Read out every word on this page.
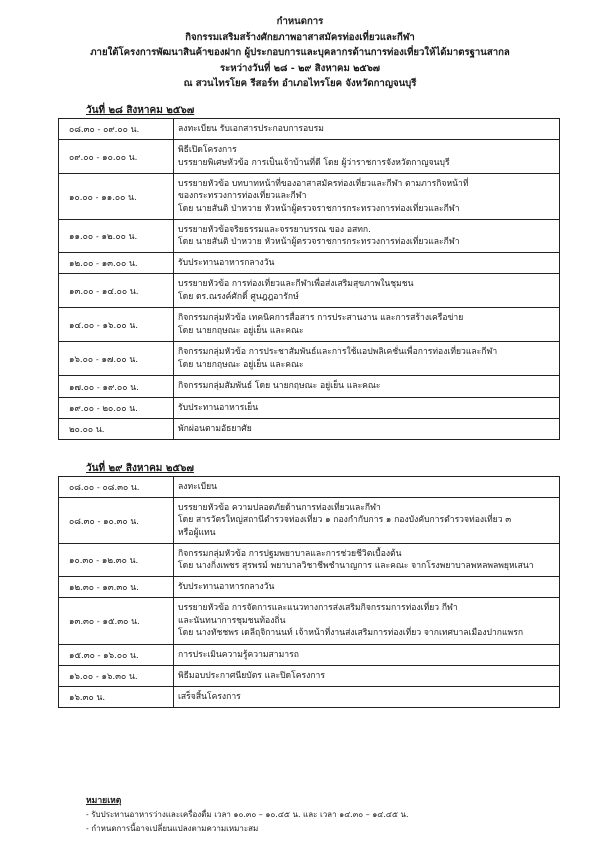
กำหนดการ
กิจกรรมเสริมสร้างศักยภาพอาสาสมัครท่องเที่ยวและกีฬา
ภายใต้โครงการพัฒนาสินค้าของฝาก ผู้ประกอบการและบุคลากรด้านการท่องเที่ยวให้ได้มาตรฐานสากล
ระหว่างวันที่ ๒๘ - ๒๙ สิงหาคม ๒๕๖๗
ณ สวนไทรโยค รีสอร์ท อำเภอไทรโยค จังหวัดกาญจนบุรี
วันที่ ๒๘ สิงหาคม ๒๕๖๗
๐๘.๓๐ - ๐๙.๐๐ น.	ลงทะเบียน รับเอกสารประกอบการอบรม

๐๙.๐๐ - ๑๐.๐๐ น.	พิธีเปิดโครงการ
บรรยายพิเศษหัวข้อ การเป็นเจ้าบ้านที่ดี โดย ผู้ว่าราชการจังหวัดกาญจนบุรี

๑๐.๐๐ - ๑๑.๐๐ น.	บรรยายหัวข้อ บทบาทหน้าที่ของอาสาสมัครท่องเที่ยวและกีฬา ตามภารกิจหน้าที่
ของกระทรวงการท่องเที่ยวและกีฬา
โดย นายสันติ ป่าหวาย หัวหน้าผู้ตรวจราชการกระทรวงการท่องเที่ยวและกีฬา

๑๑.๐๐ - ๑๒.๐๐ น.	บรรยายหัวข้อจริยธรรมและจรรยาบรรณ ของ อสทก.
โดย นายสันติ ป่าหวาย หัวหน้าผู้ตรวจราชการกระทรวงการท่องเที่ยวและกีฬา

๑๒.๐๐ - ๑๓.๐๐ น.	รับประทานอาหารกลางวัน

๑๓.๐๐ - ๑๔.๐๐ น.	บรรยายหัวข้อ การท่องเที่ยวและกีฬาเพื่อส่งเสริมสุขภาพในชุมชน
โดย ดร.ณรงค์ศักดิ์ ศูนฎฎอารักษ์

๑๔.๐๐ - ๑๖.๐๐ น.	กิจกรรมกลุ่มหัวข้อ เทคนิคการสื่อสาร การประสานงาน และการสร้างเครือข่าย
โดย นายกฤษณะ อยู่เย็น และคณะ

๑๖.๐๐ - ๑๗.๐๐ น.	กิจกรรมกลุ่มหัวข้อ การประชาสัมพันธ์และการใช้แอปพลิเคชั่นเพื่อการท่องเที่ยวและกีฬา
โดย นายกฤษณะ อยู่เย็น และคณะ

๑๗.๐๐ - ๑๙.๐๐ น.	กิจกรรมกลุ่มสัมพันธ์ โดย นายกฤษณะ อยู่เย็น และคณะ

๑๙.๐๐ - ๒๐.๐๐ น.	รับประทานอาหารเย็น

๒๐.๐๐ น.	พักผ่อนตามอัธยาศัย
วันที่ ๒๙ สิงหาคม ๒๕๖๗
๐๘.๐๐ - ๐๘.๓๐ น.	ลงทะเบียน

๐๘.๓๐ - ๑๐.๓๐ น.	บรรยายหัวข้อ ความปลอดภัยด้านการท่องเที่ยวและกีฬา
โดย สารวัตรใหญ่สถานีตำรวจท่องเที่ยว ๑ กองกำกับการ ๑ กองบังคับการตำรวจท่องเที่ยว ๓
หรือผู้แทน

๑๐.๓๐ - ๑๒.๓๐ น.	กิจกรรมกลุ่มหัวข้อ การปฐมพยาบาลและการช่วยชีวิตเบื้องต้น
โดย นางกิ่งเพชร สุรพรม์ พยาบาลวิชาชีพชำนาญการ และคณะ จากโรงพยาบาลพหลพลพยุหเสนา

๑๒.๓๐ - ๑๓.๓๐ น.	รับประทานอาหารกลางวัน

๑๓.๓๐ - ๑๕.๓๐ น.	บรรยายหัวข้อ การจัดการและแนวทางการส่งเสริมกิจกรรมการท่องเที่ยว กีฬา
และนันทนาการชุมชนท้องถิ่น
โดย นางทัชชพร เดลีฤจิกานนท์ เจ้าหน้าที่งานส่งเสริมการท่องเที่ยว จากเทศบาลเมืองปากแพรก

๑๕.๓๐ - ๑๖.๐๐ น.	การประเมินความรู้ความสามารถ

๑๖.๐๐ - ๑๖.๓๐ น.	พิธีมอบประกาศนียบัตร และปิดโครงการ

๑๖.๓๐ น.	เสร็จสิ้นโครงการ
หมายเหตุ
- รับประทานอาหารว่างและเครื่องดื่ม เวลา ๑๐.๓๐ – ๑๐.๔๕ น. และ เวลา ๑๔.๓๐ – ๑๔.๔๕ น.
- กำหนดการนี้อาจเปลี่ยนแปลงตามความเหมาะสม
